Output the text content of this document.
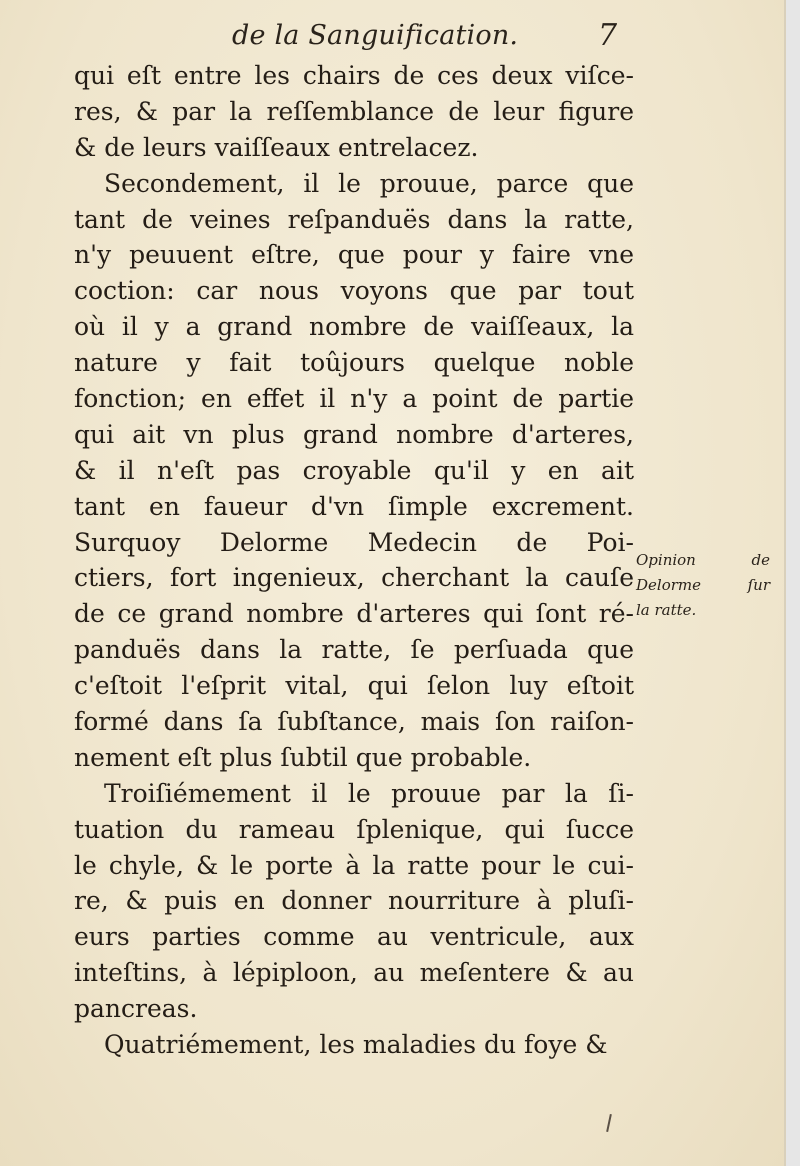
de la Sanguification.	7
qui eſt entre les chairs de ces deux viſce-
res, & par la reſſemblance de leur figure
& de leurs vaiſſeaux entrelacez.
Secondement, il le prouue, parce que
tant de veines reſpanduës dans la ratte,
n'y peuuent eſtre, que pour y faire vne
coction: car nous voyons que par tout
où il y a grand nombre de vaiſſeaux, la
nature y fait toûjours quelque noble
fonction; en effet il n'y a point de partie
qui ait vn plus grand nombre d'arteres,
& il n'eſt pas croyable qu'il y en ait
tant en faueur d'vn ſimple excrement.
Surquoy Delorme Medecin de Poi-
ctiers, fort ingenieux, cherchant la cauſe
de ce grand nombre d'arteres qui ſont ré-
panduës dans la ratte, ſe perſuada que
c'eſtoit l'eſprit vital, qui ſelon luy eſtoit
formé dans ſa ſubſtance, mais ſon raiſon-
nement eſt plus ſubtil que probable.
Troiſiémement il le prouue par la ſi-
tuation du rameau ſplenique, qui ſucce
le chyle, & le porte à la ratte pour le cui-
re, & puis en donner nourriture à pluſi-
eurs parties comme au ventricule, aux
inteſtins, à lépiploon, au meſentere & au
pancreas.
Quatriémement, les maladies du foye &
Opinion de
Delorme ſur
la ratte.
